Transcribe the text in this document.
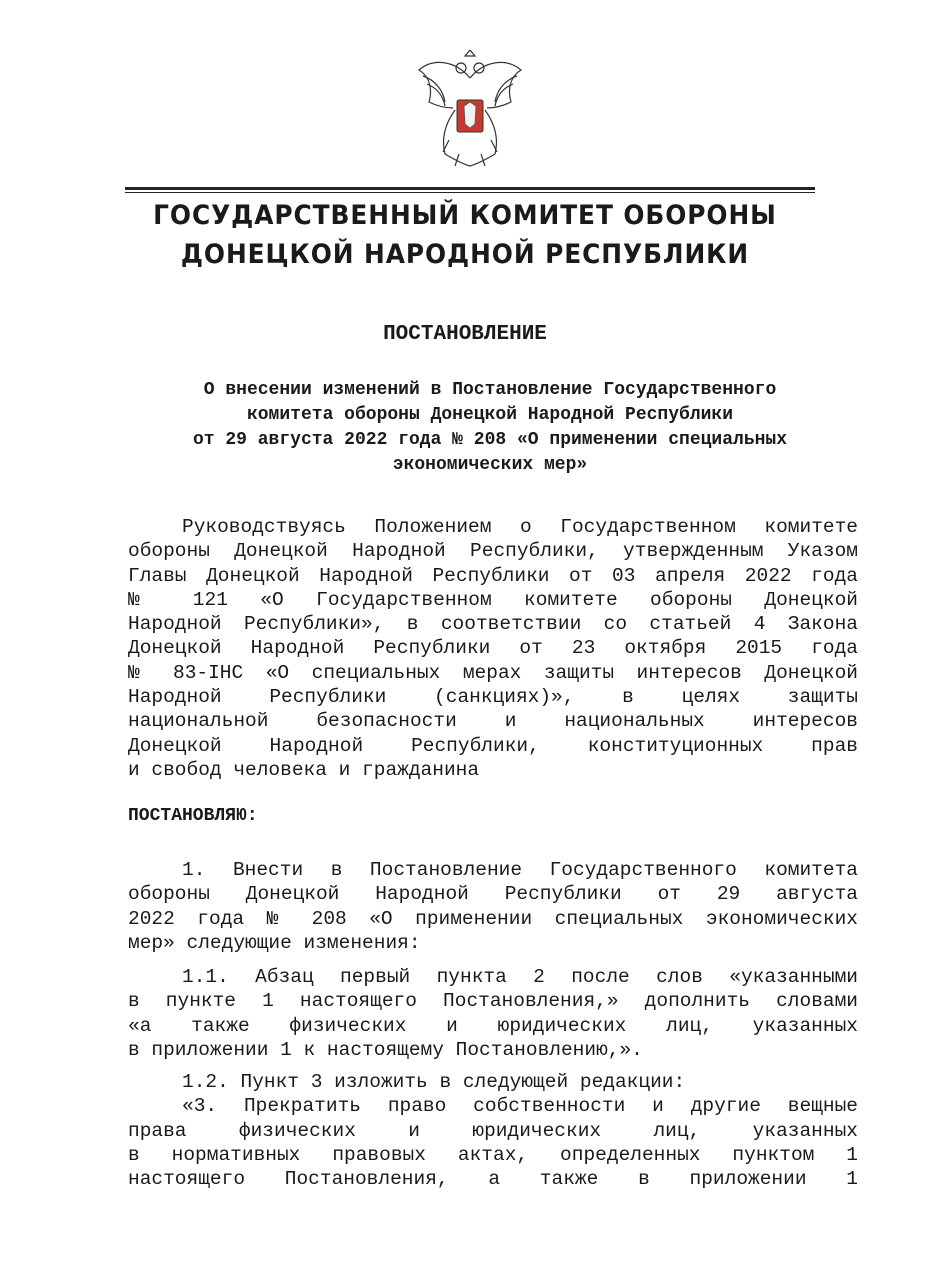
ГОСУДАРСТВЕННЫЙ КОМИТЕТ ОБОРОНЫ
ДОНЕЦКОЙ НАРОДНОЙ РЕСПУБЛИКИ
ПОСТАНОВЛЕНИЕ
О внесении изменений в Постановление Государственного
комитета обороны Донецкой Народной Республики
от 29 августа 2022 года № 208 «О применении специальных
экономических мер»
Руководствуясь Положением о Государственном комитете
обороны Донецкой Народной Республики, утвержденным Указом
Главы Донецкой Народной Республики от 03 апреля 2022 года
№ 121 «О Государственном комитете обороны Донецкой
Народной Республики», в соответствии со статьей 4 Закона
Донецкой Народной Республики от 23 октября 2015 года
№ 83-IНС «О специальных мерах защиты интересов Донецкой
Народной Республики (санкциях)», в целях защиты
национальной безопасности и национальных интересов
Донецкой Народной Республики, конституционных прав
и свобод человека и гражданина
ПОСТАНОВЛЯЮ:
1. Внести в Постановление Государственного комитета
обороны Донецкой Народной Республики от 29 августа
2022 года № 208 «О применении специальных экономических
мер» следующие изменения:
1.1. Абзац первый пункта 2 после слов «указанными
в пункте 1 настоящего Постановления,» дополнить словами
«а также физических и юридических лиц, указанных
в приложении 1 к настоящему Постановлению,».
1.2. Пункт 3 изложить в следующей редакции:
«3. Прекратить право собственности и другие вещные
права физических и юридических лиц, указанных
в нормативных правовых актах, определенных пунктом 1
настоящего Постановления, а также в приложении 1
